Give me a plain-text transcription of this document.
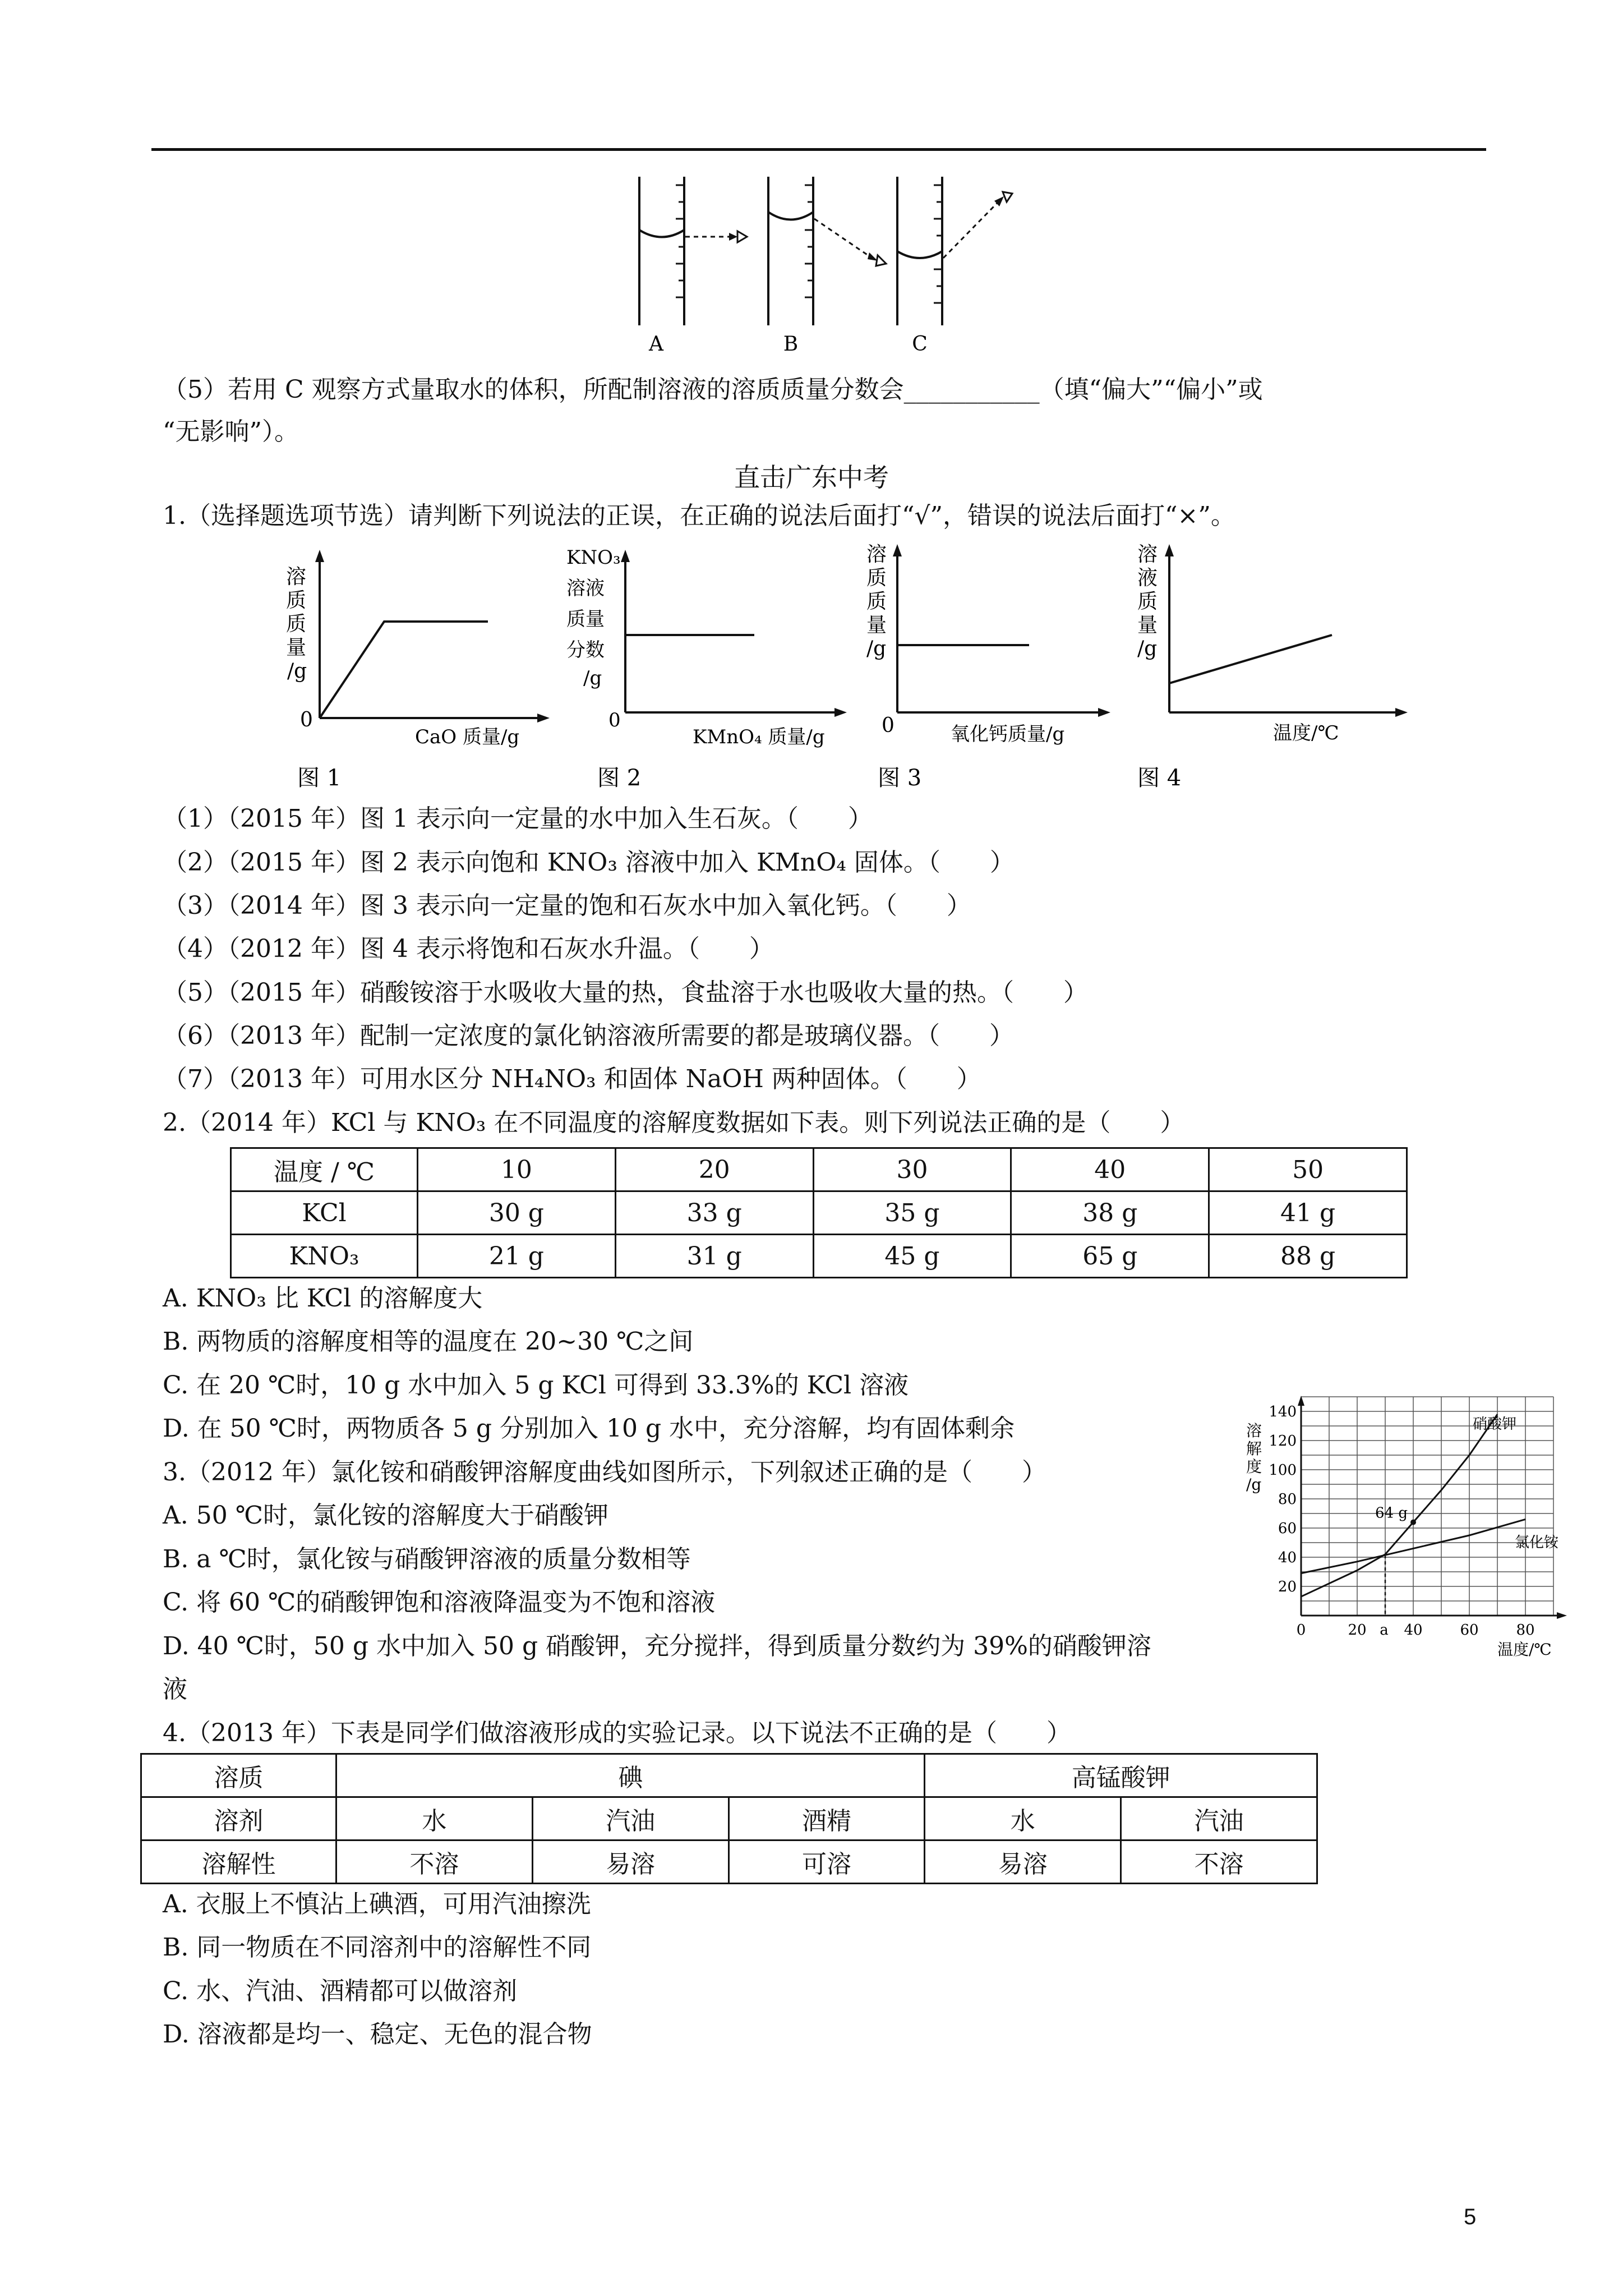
A	B	C
（5）若用 C 观察方式量取水的体积，所配制溶液的溶质质量分数会___________（填“偏大”“偏小”或
“无影响”）。
直击广东中考
1.（选择题选项节选）请判断下列说法的正误，在正确的说法后面打“√”，错误的说法后面打“×”。
溶
质
质
量
/g
0
CaO 质量/g
图 1
KNO₃
溶液
质量
分数
/g
0
KMnO₄ 质量/g
图 2
溶
质
质
量
/g
0	氧化钙质量/g
图 3
溶
液
质
量
/g
温度/℃
图 4
（1）（2015 年）图 1 表示向一定量的水中加入生石灰。（　　）
（2）（2015 年）图 2 表示向饱和 KNO₃ 溶液中加入 KMnO₄ 固体。（　　）
（3）（2014 年）图 3 表示向一定量的饱和石灰水中加入氧化钙。（　　）
（4）（2012 年）图 4 表示将饱和石灰水升温。（　　）
（5）（2015 年）硝酸铵溶于水吸收大量的热，食盐溶于水也吸收大量的热。（　　）
（6）（2013 年）配制一定浓度的氯化钠溶液所需要的都是玻璃仪器。（　　）
（7）（2013 年）可用水区分 NH₄NO₃ 和固体 NaOH 两种固体。（　　）
2.（2014 年）KCl 与 KNO₃ 在不同温度的溶解度数据如下表。则下列说法正确的是（　　）
温度 / ℃	10	20	30	40	50
KCl	30 g	33 g	35 g	38 g	41 g
KNO₃	21 g	31 g	45 g	65 g	88 g
A. KNO₃ 比 KCl 的溶解度大
B. 两物质的溶解度相等的温度在 20~30 ℃之间
C. 在 20 ℃时，10 g 水中加入 5 g KCl 可得到 33.3%的 KCl 溶液
D. 在 50 ℃时，两物质各 5 g 分别加入 10 g 水中，充分溶解，均有固体剩余
3.（2012 年）氯化铵和硝酸钾溶解度曲线如图所示，下列叙述正确的是（　　）
A. 50 ℃时，氯化铵的溶解度大于硝酸钾
B. a ℃时，氯化铵与硝酸钾溶液的质量分数相等
C. 将 60 ℃的硝酸钾饱和溶液降温变为不饱和溶液
D. 40 ℃时，50 g 水中加入 50 g 硝酸钾，充分搅拌，得到质量分数约为 39%的硝酸钾溶
液
20
40
60
80
100
120
140
0	20 a 40	60	80
64 g
硝酸钾
氯化铵
溶
解
度
/g
温度/℃
4.（2013 年）下表是同学们做溶液形成的实验记录。以下说法不正确的是（　　）
溶质	碘			高锰酸钾	
溶剂	水	汽油	酒精	水	汽油
溶解性	不溶	易溶	可溶	易溶	不溶
A. 衣服上不慎沾上碘酒，可用汽油擦洗
B. 同一物质在不同溶剂中的溶解性不同
C. 水、汽油、酒精都可以做溶剂
D. 溶液都是均一、稳定、无色的混合物
5
